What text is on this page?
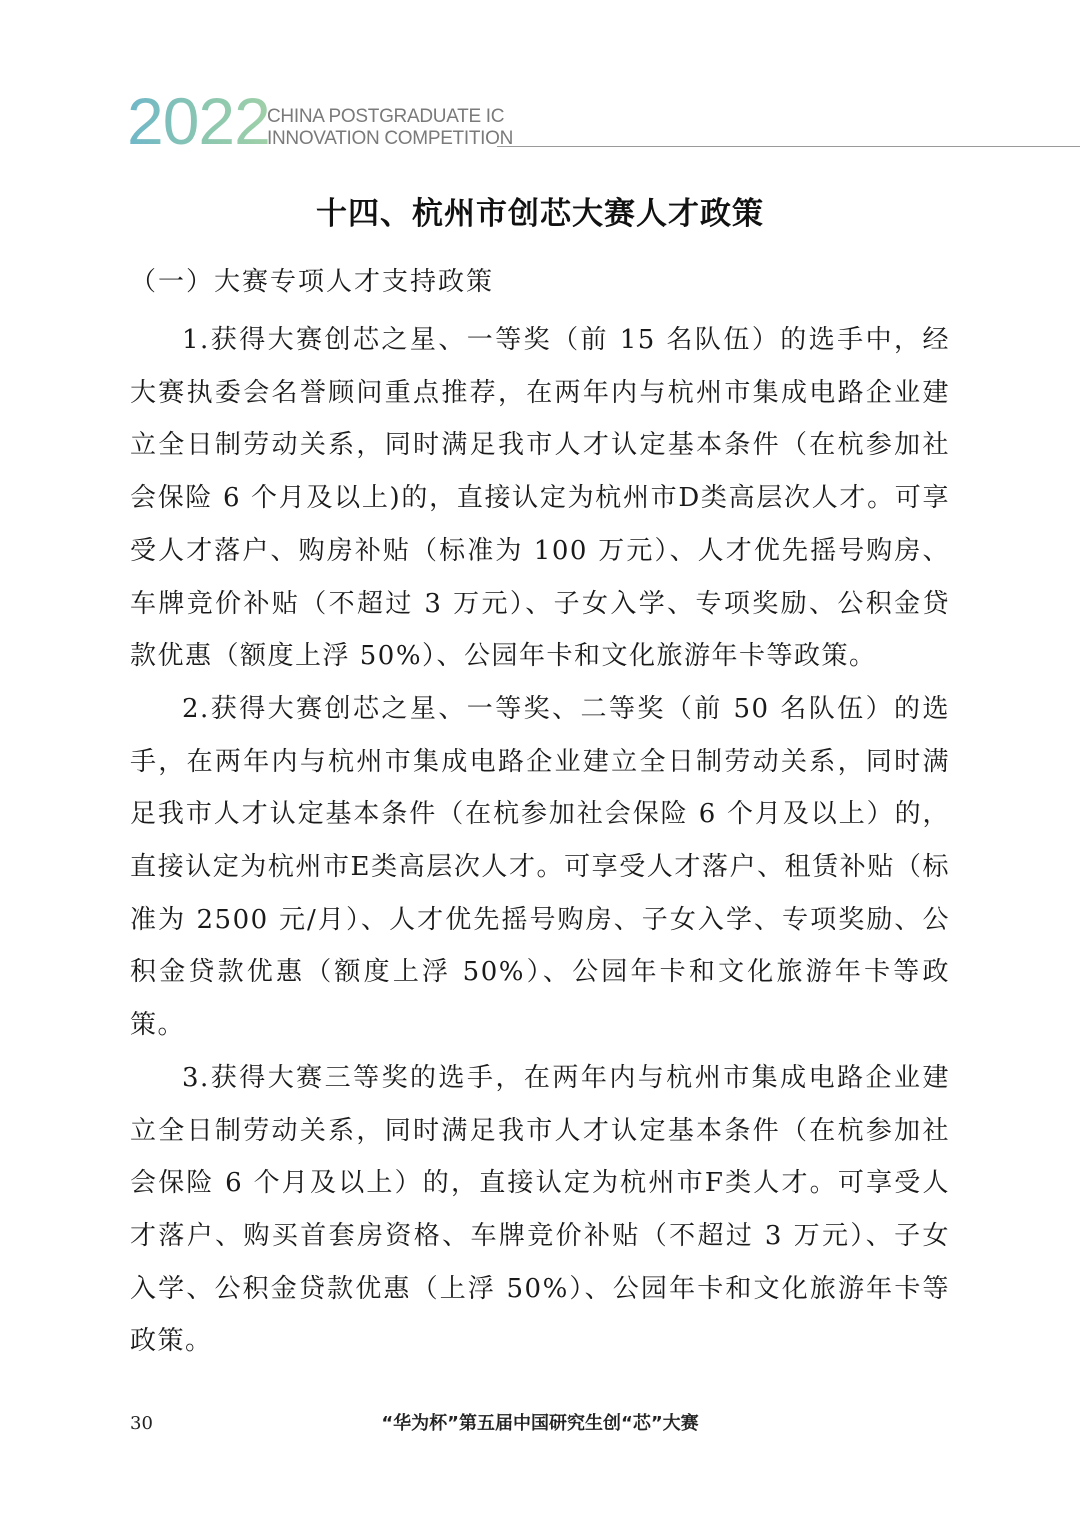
2022
CHINA POSTGRADUATE IC
INNOVATION COMPETITION
十四、杭州市创芯大赛人才政策
（一）大赛专项人才支持政策

1.获得大赛创芯之星、一等奖（前 15 名队伍）的选手中，经大赛执委会名誉顾问重点推荐，在两年内与杭州市集成电路企业建立全日制劳动关系，同时满足我市人才认定基本条件（在杭参加社会保险 6 个月及以上)的，直接认定为杭州市D类高层次人才。可享受人才落户、购房补贴（标准为 100 万元）、人才优先摇号购房、车牌竞价补贴（不超过 3 万元）、子女入学、专项奖励、公积金贷款优惠（额度上浮 50%）、公园年卡和文化旅游年卡等政策。

2.获得大赛创芯之星、一等奖、二等奖（前 50 名队伍）的选手，在两年内与杭州市集成电路企业建立全日制劳动关系，同时满足我市人才认定基本条件（在杭参加社会保险 6 个月及以上）的，直接认定为杭州市E类高层次人才。可享受人才落户、租赁补贴（标准为 2500 元/月）、人才优先摇号购房、子女入学、专项奖励、公积金贷款优惠（额度上浮 50%）、公园年卡和文化旅游年卡等政策。

3.获得大赛三等奖的选手，在两年内与杭州市集成电路企业建立全日制劳动关系，同时满足我市人才认定基本条件（在杭参加社会保险 6 个月及以上）的，直接认定为杭州市F类人才。可享受人才落户、购买首套房资格、车牌竞价补贴（不超过 3 万元）、子女入学、公积金贷款优惠（上浮 50%）、公园年卡和文化旅游年卡等政策。

30	“华为杯”第五届中国研究生创“芯”大赛
